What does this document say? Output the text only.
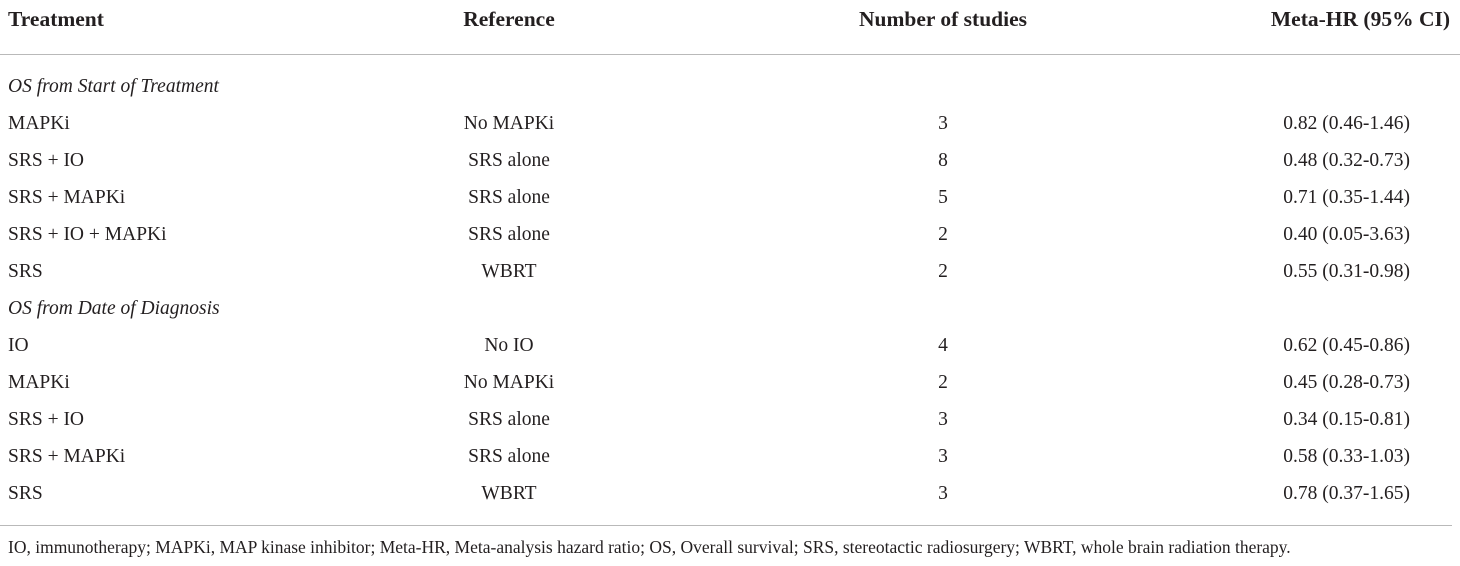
Treatment	Reference	Number of studies	Meta-HR (95% CI)
OS from Start of Treatment
MAPKi	No MAPKi	3	0.82 (0.46-1.46)
SRS + IO	SRS alone	8	0.48 (0.32-0.73)
SRS + MAPKi	SRS alone	5	0.71 (0.35-1.44)
SRS + IO + MAPKi	SRS alone	2	0.40 (0.05-3.63)
SRS	WBRT	2	0.55 (0.31-0.98)
OS from Date of Diagnosis
IO	No IO	4	0.62 (0.45-0.86)
MAPKi	No MAPKi	2	0.45 (0.28-0.73)
SRS + IO	SRS alone	3	0.34 (0.15-0.81)
SRS + MAPKi	SRS alone	3	0.58 (0.33-1.03)
SRS	WBRT	3	0.78 (0.37-1.65)
IO, immunotherapy; MAPKi, MAP kinase inhibitor; Meta-HR, Meta-analysis hazard ratio; OS, Overall survival; SRS, stereotactic radiosurgery; WBRT, whole brain radiation therapy.
